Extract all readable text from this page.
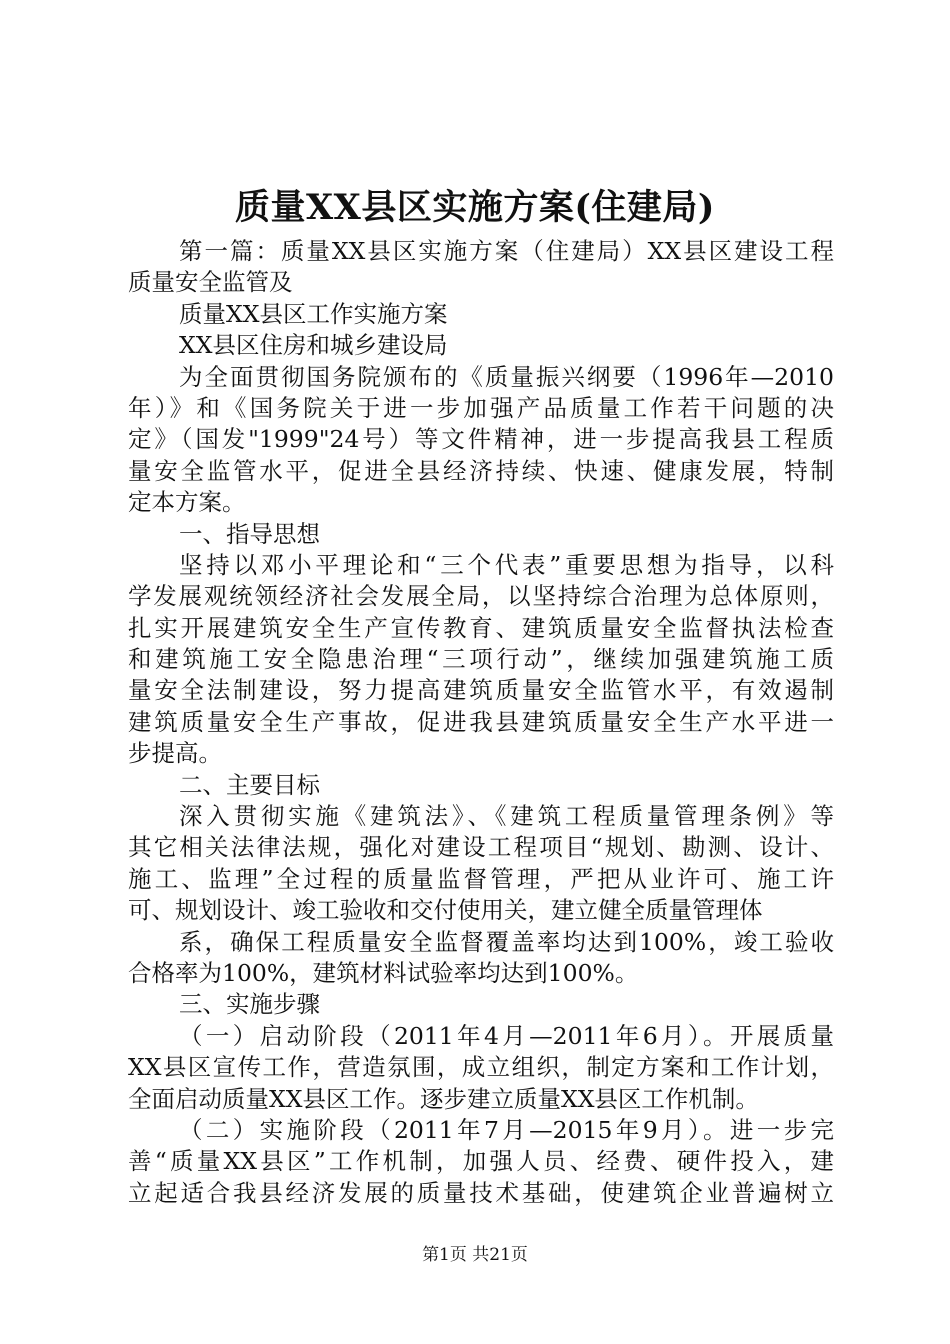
质量XX县区实施方案(住建局)
第一篇：质量XX县区实施方案（住建局）XX县区建设工程
质量安全监管及
质量XX县区工作实施方案
XX县区住房和城乡建设局
为全面贯彻国务院颁布的《质量振兴纲要（1996年—2010
年）》和《国务院关于进一步加强产品质量工作若干问题的决
定》（国发"1999"24号）等文件精神，进一步提高我县工程质
量安全监管水平，促进全县经济持续、快速、健康发展，特制
定本方案。
一、指导思想
坚持以邓小平理论和“三个代表”重要思想为指导，以科
学发展观统领经济社会发展全局，以坚持综合治理为总体原则，
扎实开展建筑安全生产宣传教育、建筑质量安全监督执法检查
和建筑施工安全隐患治理“三项行动”，继续加强建筑施工质
量安全法制建设，努力提高建筑质量安全监管水平，有效遏制
建筑质量安全生产事故，促进我县建筑质量安全生产水平进一
步提高。
二、主要目标
深入贯彻实施《建筑法》、《建筑工程质量管理条例》等
其它相关法律法规，强化对建设工程项目“规划、勘测、设计、
施工、监理”全过程的质量监督管理，严把从业许可、施工许
可、规划设计、竣工验收和交付使用关，建立健全质量管理体
系，确保工程质量安全监督覆盖率均达到100%，竣工验收
合格率为100%，建筑材料试验率均达到100%。
三、实施步骤
（一）启动阶段（2011年4月—2011年6月）。开展质量
XX县区宣传工作，营造氛围，成立组织，制定方案和工作计划，
全面启动质量XX县区工作。逐步建立质量XX县区工作机制。
（二）实施阶段（2011年7月—2015年9月）。进一步完
善“质量XX县区”工作机制，加强人员、经费、硬件投入，建
立起适合我县经济发展的质量技术基础，使建筑企业普遍树立
第1页 共21页
